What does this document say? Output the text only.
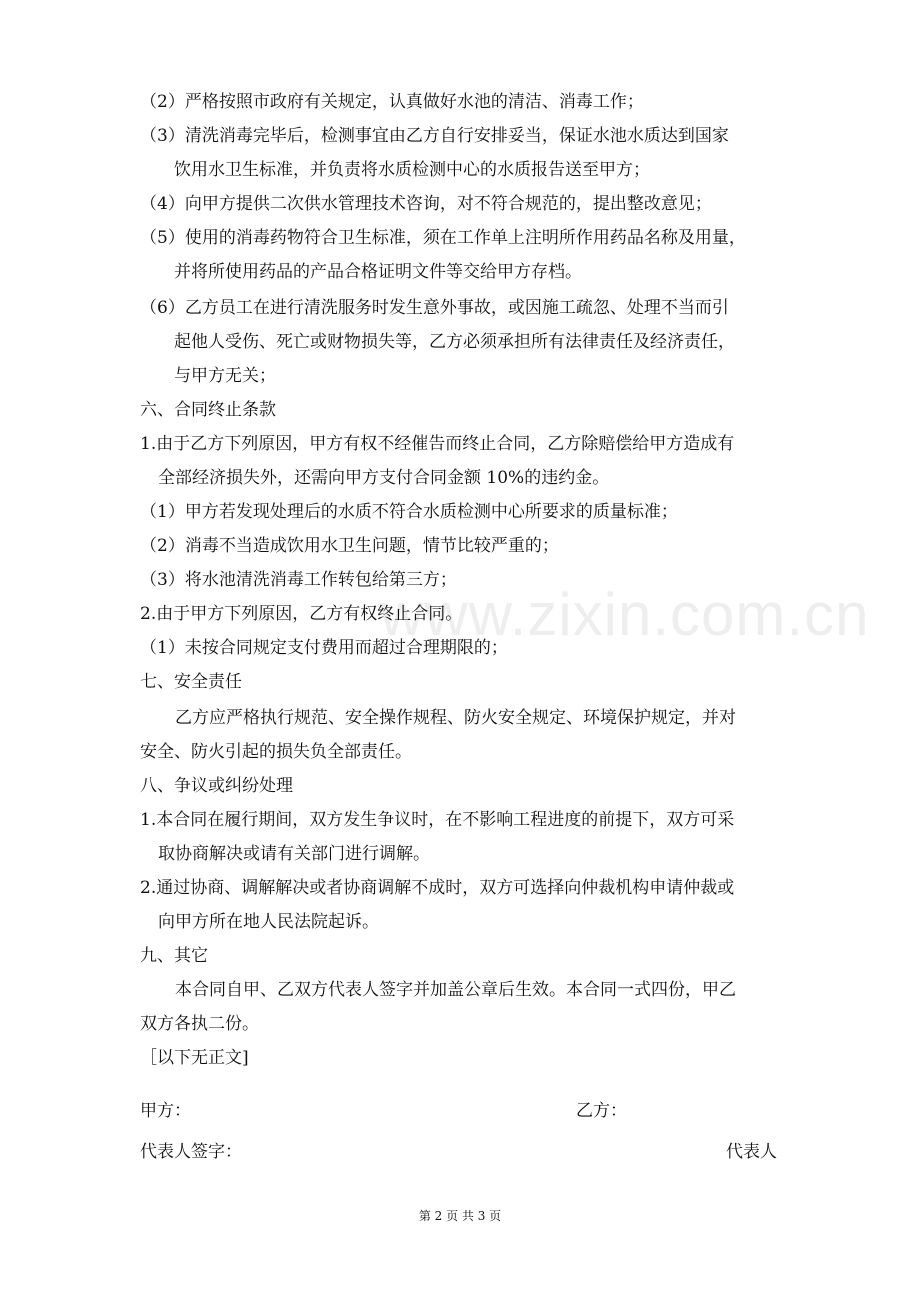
www.zixin.com.cn
（2）严格按照市政府有关规定，认真做好水池的清洁、消毒工作；
（3）清洗消毒完毕后，检测事宜由乙方自行安排妥当，保证水池水质达到国家
饮用水卫生标准，并负责将水质检测中心的水质报告送至甲方；
（4）向甲方提供二次供水管理技术咨询，对不符合规范的，提出整改意见；
（5）使用的消毒药物符合卫生标准，须在工作单上注明所作用药品名称及用量，
并将所使用药品的产品合格证明文件等交给甲方存档。
（6）乙方员工在进行清洗服务时发生意外事故，或因施工疏忽、处理不当而引
起他人受伤、死亡或财物损失等，乙方必须承担所有法律责任及经济责任，
与甲方无关；
六、合同终止条款
1.由于乙方下列原因，甲方有权不经催告而终止合同，乙方除赔偿给甲方造成有
全部经济损失外，还需向甲方支付合同金额 10%的违约金。
（1）甲方若发现处理后的水质不符合水质检测中心所要求的质量标准；
（2）消毒不当造成饮用水卫生问题，情节比较严重的；
（3）将水池清洗消毒工作转包给第三方；
2.由于甲方下列原因，乙方有权终止合同。
（1）未按合同规定支付费用而超过合理期限的；
七、安全责任
乙方应严格执行规范、安全操作规程、防火安全规定、环境保护规定，并对
安全、防火引起的损失负全部责任。
八、争议或纠纷处理
1.本合同在履行期间，双方发生争议时，在不影响工程进度的前提下，双方可采
取协商解决或请有关部门进行调解。
2.通过协商、调解解决或者协商调解不成时，双方可选择向仲裁机构申请仲裁或
向甲方所在地人民法院起诉。
九、其它
本合同自甲、乙双方代表人签字并加盖公章后生效。本合同一式四份，甲乙
双方各执二份。
［以下无正文]
甲方：	乙方：
代表人签字：	代表人
第 2 页 共 3 页
